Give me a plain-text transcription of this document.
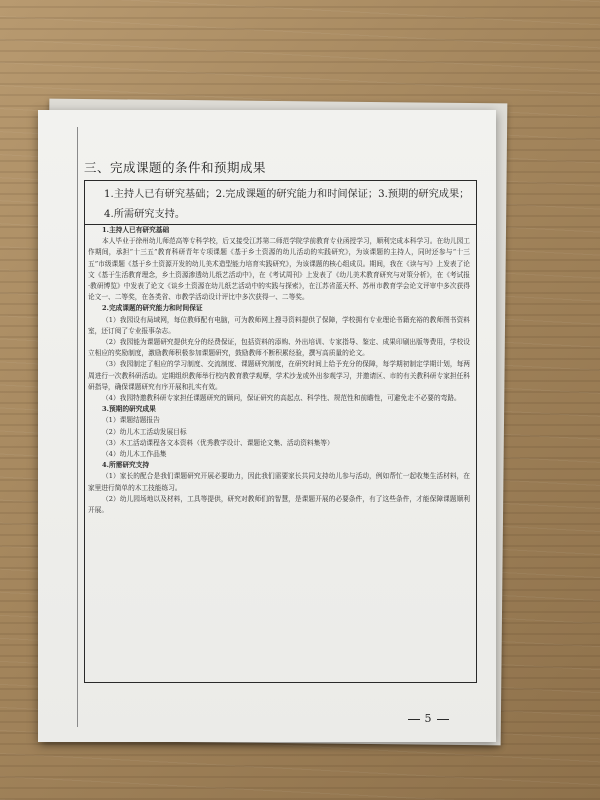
三、完成课题的条件和预期成果
1.主持人已有研究基础；2.完成课题的研究能力和时间保证；3.预期的研究成果；4.所需研究支持。
1.主持人已有研究基础
本人毕业于徐州幼儿师范高等专科学校，后又接受江苏第二师范学院学前教育专业函授学习，顺利完成本科学习。在幼儿园工作期间，承担“十三五”教育科研青年专项课题《基于乡土资源的幼儿活动的实践研究》，为该课题的主持人，同时还参与“十三五”市级课题《基于乡土资源开发的幼儿美术造型能力培育实践研究》，为该课题的核心组成员。期间，我在《读与写》上发表了论文《基于生活教育理念，乡土资源渗透幼儿纸艺活动中》，在《考试周刊》上发表了《幼儿美术教育研究与对策分析》，在《考试报·教研博览》中发表了论文《谈乡土资源在幼儿纸艺活动中的实践与探索》，在江苏省蓝天杯、苏州市教育学会论文评审中多次获得论文一、二等奖，在各类省、市教学活动设计评比中多次获得一、二等奖。
2.完成课题的研究能力和时间保证
（1）我园设有局域网，每位教师配有电脑，可为教师网上搜寻资料提供了保障，学校拥有专业理论书籍充裕的教师图书资料室，还订阅了专业报事杂志。
（2）我园能为课题研究提供充分的经费保证，包括资料的添购、外出培训、专家指导、鉴定、成果印刷出版等费用，学校设立相应的奖励制度，激励教师积极参加课题研究，鼓励教师不断积累经验，撰写高质量的论文。
（3）我园制定了相应的学习制度、交流制度、课题研究制度，在研究时间上给予充分的保障，每学期初制定学期计划，每两周进行一次教科研活动。定期组织教师举行校内教育教学观摩，学术沙龙或外出参观学习，并邀请区、市的有关教科研专家担任科研指导，确保课题研究有序开展和扎实有效。
（4）我园特邀教科研专家担任课题研究的顾问，保证研究的高起点、科学性、规范性和前瞻性，可避免走不必要的弯路。
3.预期的研究成果
（1）课题结题报告
（2）幼儿木工活动发展目标
（3）木工活动课程各文本资料（优秀教学设计、课题论文集、活动资料集等）
（4）幼儿木工作品集
4.所需研究支持
（1）家长的配合是我们课题研究开展必要助力，因此我们需要家长共同支持幼儿参与活动，例如帮忙一起收集生活材料，在家里进行简单的木工技能练习。
（2）幼儿园场地以及材料，工具等提供，研究对教师们的智慧，是课题开展的必要条件，有了这些条件，才能保障课题顺利开展。
5
